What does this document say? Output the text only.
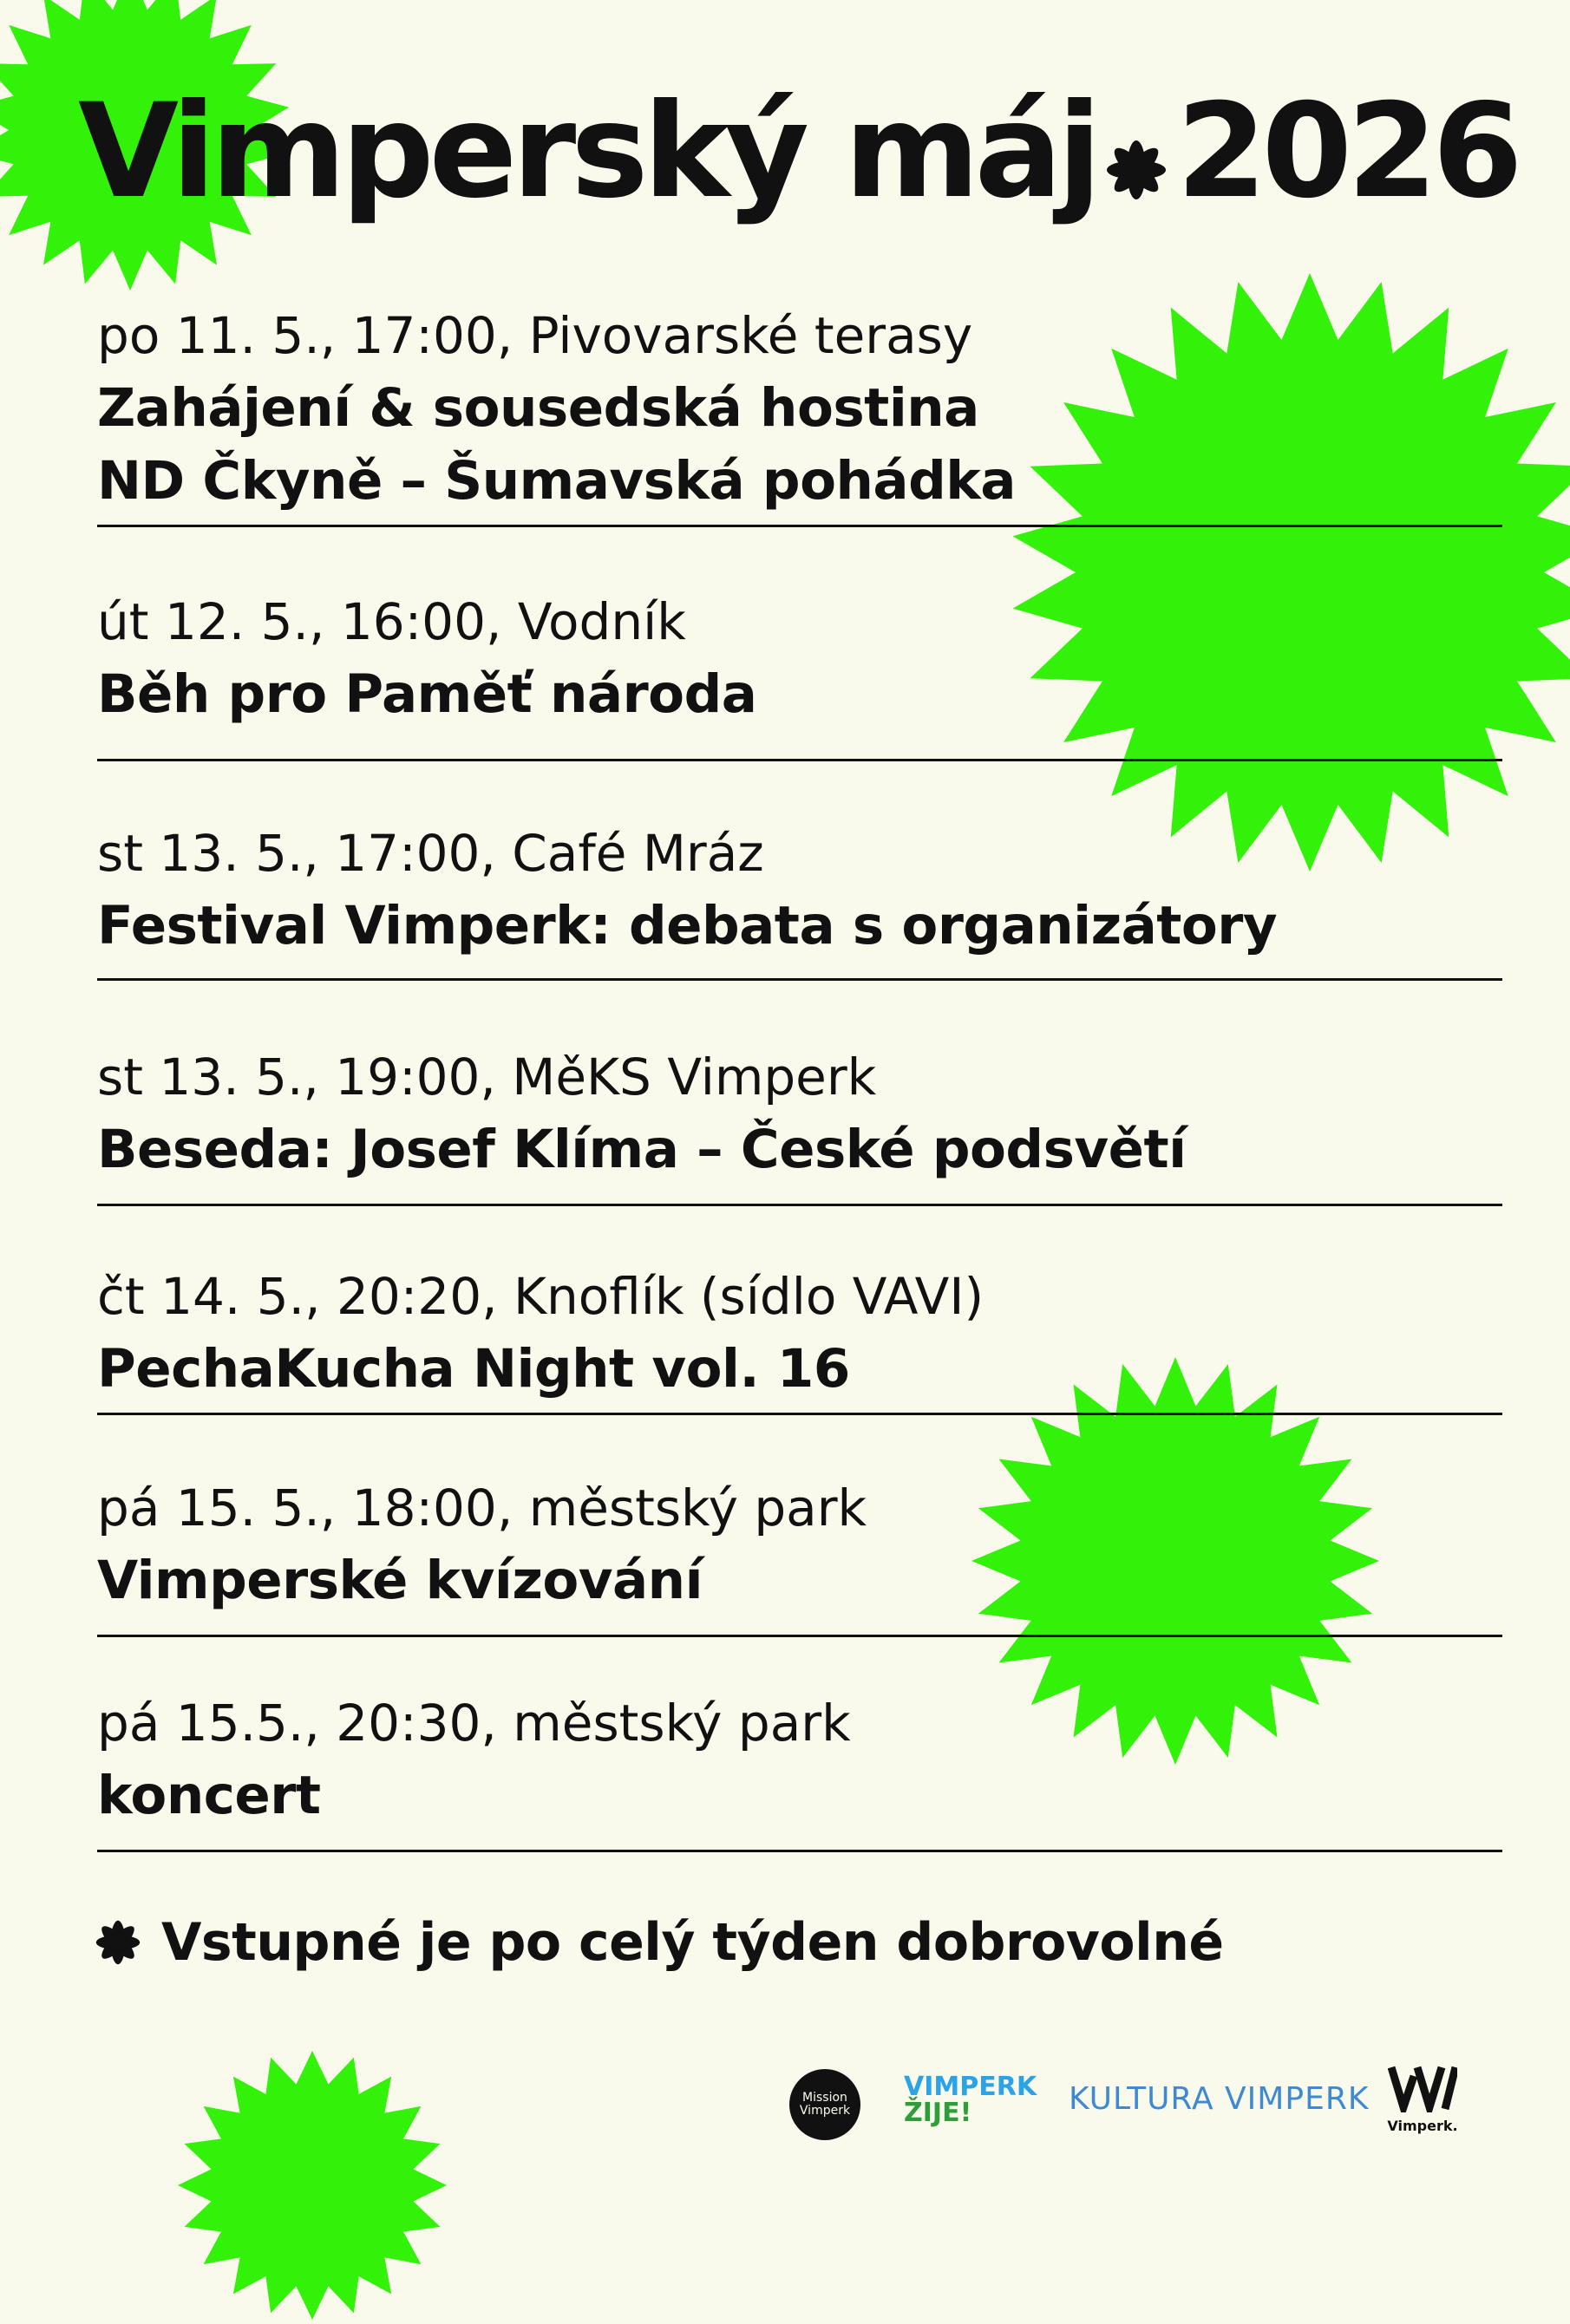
Vimperský máj 2026
po 11. 5., 17:00, Pivovarské terasy
Zahájení & sousedská hostina
ND Čkyně – Šumavská pohádka
út 12. 5., 16:00, Vodník
Běh pro Paměť národa
st 13. 5., 17:00, Café Mráz
Festival Vimperk: debata s organizátory
st 13. 5., 19:00, MěKS Vimperk
Beseda: Josef Klíma – České podsvětí
čt 14. 5., 20:20, Knoflík (sídlo VAVI)
PechaKucha Night vol. 16
pá 15. 5., 18:00, městský park
Vimperské kvízování
pá 15.5., 20:30, městský park
koncert
Vstupné je po celý týden dobrovolné
Mission Vimperk
VIMPERK
ŽIJE!	KULTURA VIMPERK
Vimperk.
